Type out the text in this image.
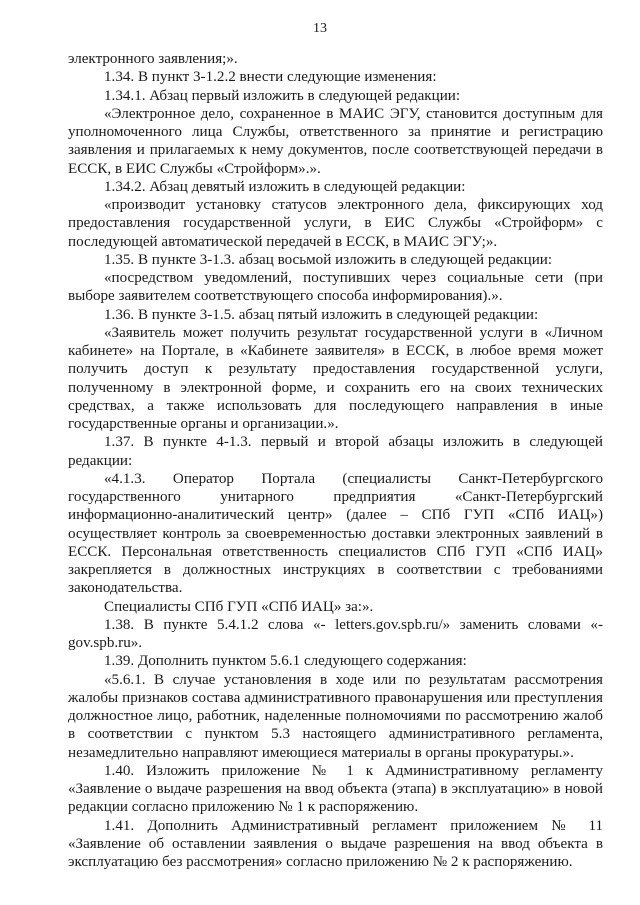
13

электронного заявления;».

1.34. В пункт 3-1.2.2 внести следующие изменения:

1.34.1. Абзац первый изложить в следующей редакции:

«Электронное дело, сохраненное в МАИС ЭГУ, становится доступным для уполномоченного лица Службы, ответственного за принятие и регистрацию заявления и прилагаемых к нему документов, после соответствующей передачи в ЕССК, в ЕИС Службы «Стройформ».».

1.34.2. Абзац девятый изложить в следующей редакции:

«производит установку статусов электронного дела, фиксирующих ход предоставления государственной услуги, в ЕИС Службы «Стройформ» с последующей автоматической передачей в ЕССК, в МАИС ЭГУ;».

1.35. В пункте 3-1.3. абзац восьмой изложить в следующей редакции:

«посредством уведомлений, поступивших через социальные сети (при выборе заявителем соответствующего способа информирования).».

1.36. В пункте 3-1.5. абзац пятый изложить в следующей редакции:

«Заявитель может получить результат государственной услуги в «Личном кабинете» на Портале, в «Кабинете заявителя» в ЕССК, в любое время может получить доступ к результату предоставления государственной услуги, полученному в электронной форме, и сохранить его на своих технических средствах, а также использовать для последующего направления в иные государственные органы и организации.».

1.37. В пункте 4-1.3. первый и второй абзацы изложить в следующей редакции:

«4.1.3. Оператор Портала (специалисты Санкт-Петербургского государственного унитарного предприятия «Санкт-Петербургский информационно-аналитический центр» (далее – СПб ГУП «СПб ИАЦ») осуществляет контроль за своевременностью доставки электронных заявлений в ЕССК. Персональная ответственность специалистов СПб ГУП «СПб ИАЦ» закрепляется в должностных инструкциях в соответствии с требованиями законодательства.

Специалисты СПб ГУП «СПб ИАЦ» за:».

1.38. В пункте 5.4.1.2 слова «- letters.gov.spb.ru/» заменить словами «- gov.spb.ru».

1.39. Дополнить пунктом 5.6.1 следующего содержания:

«5.6.1. В случае установления в ходе или по результатам рассмотрения жалобы признаков состава административного правонарушения или преступления должностное лицо, работник, наделенные полномочиями по рассмотрению жалоб в соответствии с пунктом 5.3 настоящего административного регламента, незамедлительно направляют имеющиеся материалы в органы прокуратуры.».

1.40. Изложить приложение № 1 к Административному регламенту «Заявление о выдаче разрешения на ввод объекта (этапа) в эксплуатацию» в новой редакции согласно приложению № 1 к распоряжению.

1.41. Дополнить Административный регламент приложением № 11 «Заявление об оставлении заявления о выдаче разрешения на ввод объекта в эксплуатацию без рассмотрения» согласно приложению № 2 к распоряжению.
